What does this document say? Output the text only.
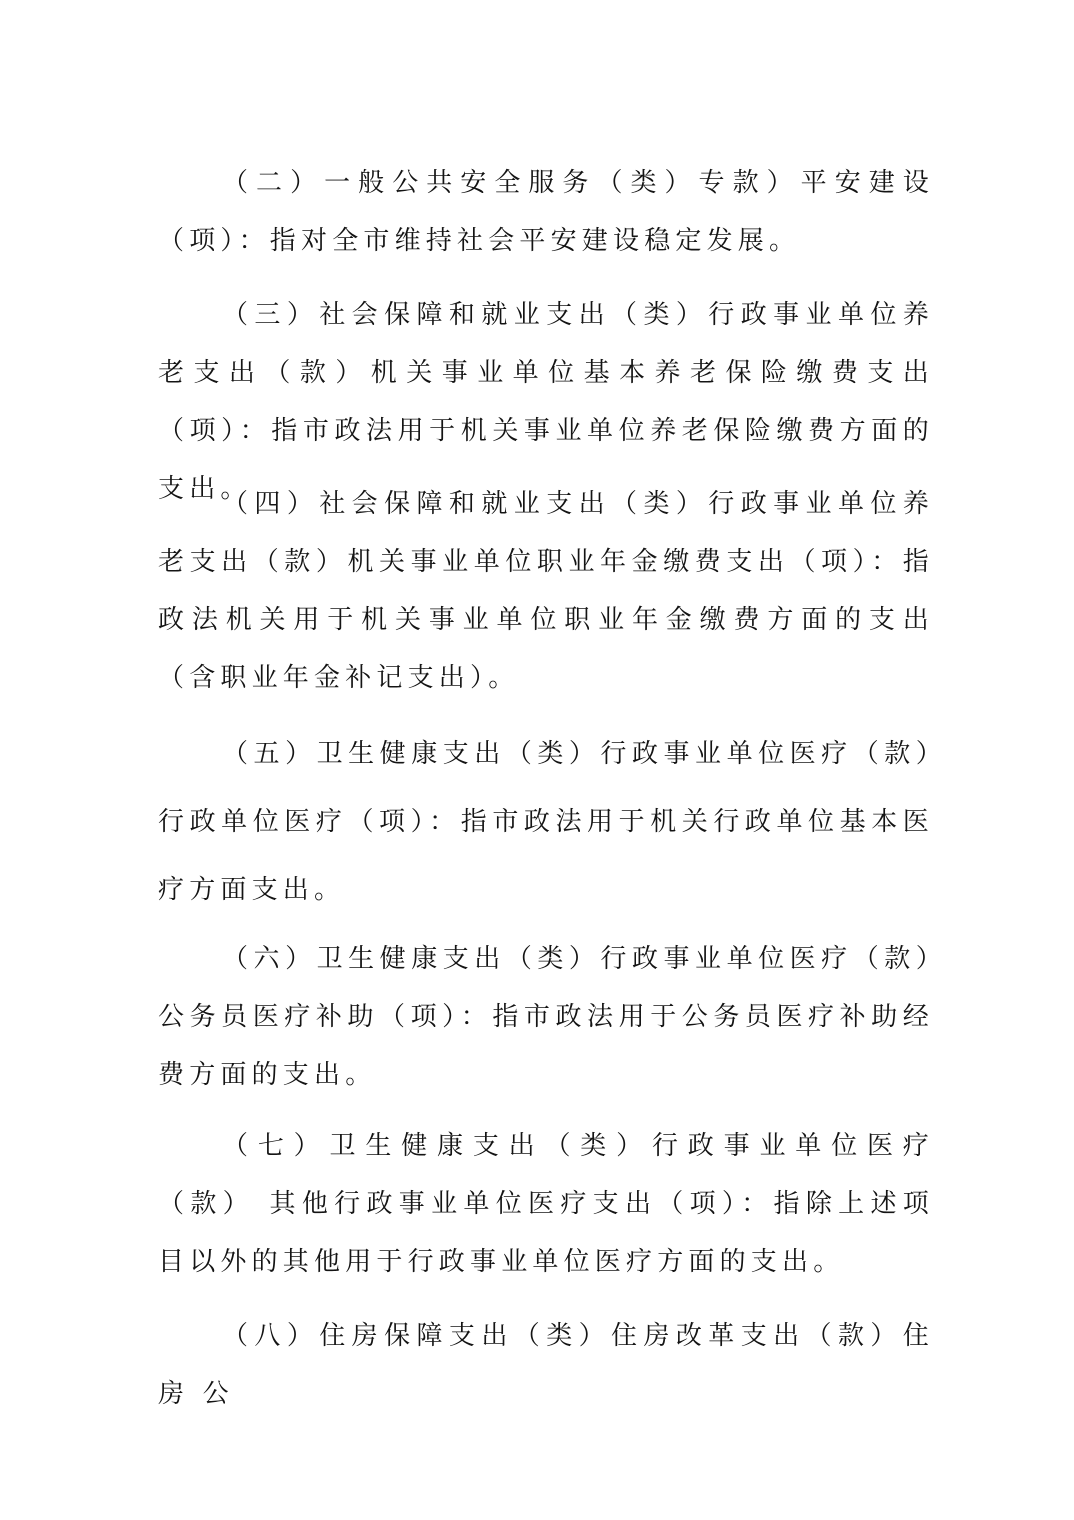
（二）一般公共安全服务（类）专款）平安建设（项）：指对全市维持社会平安建设稳定发展。

（三）社会保障和就业支出（类）行政事业单位养老支出（款）机关事业单位基本养老保险缴费支出（项）：指市政法用于机关事业单位养老保险缴费方面的支出。

（四）社会保障和就业支出（类）行政事业单位养老支出（款）机关事业单位职业年金缴费支出（项）：指政法机关用于机关事业单位职业年金缴费方面的支出（含职业年金补记支出）。

（五）卫生健康支出（类）行政事业单位医疗（款）行政单位医疗（项）：指市政法用于机关行政单位基本医疗方面支出。

（六）卫生健康支出（类）行政事业单位医疗（款）公务员医疗补助（项）：指市政法用于公务员医疗补助经费方面的支出。

（七）卫生健康支出（类）行政事业单位医疗（款） 其他行政事业单位医疗支出（项）：指除上述项目以外的其他用于行政事业单位医疗方面的支出。

（八）住房保障支出（类）住房改革支出（款）住房 公
